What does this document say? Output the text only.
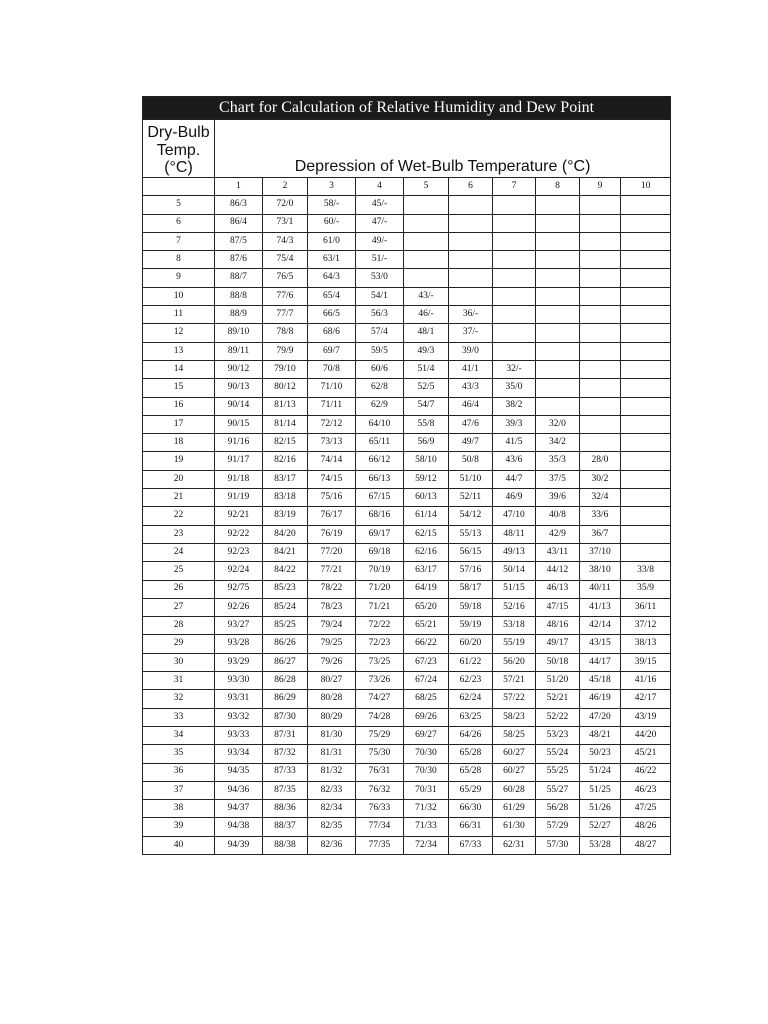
Chart for Calculation of Relative Humidity and Dew Point										

Dry-Bulb
Temp.
(°C)	Depression of Wet-Bulb Temperature (°C)									
	1	2	3	4	5	6	7	8	9	10
5	86/3	72/0	58/-	45/-						
6	86/4	73/1	60/-	47/-						
7	87/5	74/3	61/0	49/-						
8	87/6	75/4	63/1	51/-						
9	88/7	76/5	64/3	53/0						
10	88/8	77/6	65/4	54/1	43/-					
11	88/9	77/7	66/5	56/3	46/-	36/-				
12	89/10	78/8	68/6	57/4	48/1	37/-				
13	89/11	79/9	69/7	59/5	49/3	39/0				
14	90/12	79/10	70/8	60/6	51/4	41/1	32/-			
15	90/13	80/12	71/10	62/8	52/5	43/3	35/0			
16	90/14	81/13	71/11	62/9	54/7	46/4	38/2			
17	90/15	81/14	72/12	64/10	55/8	47/6	39/3	32/0		
18	91/16	82/15	73/13	65/11	56/9	49/7	41/5	34/2		
19	91/17	82/16	74/14	66/12	58/10	50/8	43/6	35/3	28/0	
20	91/18	83/17	74/15	66/13	59/12	51/10	44/7	37/5	30/2	
21	91/19	83/18	75/16	67/15	60/13	52/11	46/9	39/6	32/4	
22	92/21	83/19	76/17	68/16	61/14	54/12	47/10	40/8	33/6	
23	92/22	84/20	76/19	69/17	62/15	55/13	48/11	42/9	36/7	
24	92/23	84/21	77/20	69/18	62/16	56/15	49/13	43/11	37/10	
25	92/24	84/22	77/21	70/19	63/17	57/16	50/14	44/12	38/10	33/8
26	92/75	85/23	78/22	71/20	64/19	58/17	51/15	46/13	40/11	35/9
27	92/26	85/24	78/23	71/21	65/20	59/18	52/16	47/15	41/13	36/11
28	93/27	85/25	79/24	72/22	65/21	59/19	53/18	48/16	42/14	37/12
29	93/28	86/26	79/25	72/23	66/22	60/20	55/19	49/17	43/15	38/13
30	93/29	86/27	79/26	73/25	67/23	61/22	56/20	50/18	44/17	39/15
31	93/30	86/28	80/27	73/26	67/24	62/23	57/21	51/20	45/18	41/16
32	93/31	86/29	80/28	74/27	68/25	62/24	57/22	52/21	46/19	42/17
33	93/32	87/30	80/29	74/28	69/26	63/25	58/23	52/22	47/20	43/19
34	93/33	87/31	81/30	75/29	69/27	64/26	58/25	53/23	48/21	44/20
35	93/34	87/32	81/31	75/30	70/30	65/28	60/27	55/24	50/23	45/21
36	94/35	87/33	81/32	76/31	70/30	65/28	60/27	55/25	51/24	46/22
37	94/36	87/35	82/33	76/32	70/31	65/29	60/28	55/27	51/25	46/23
38	94/37	88/36	82/34	76/33	71/32	66/30	61/29	56/28	51/26	47/25
39	94/38	88/37	82/35	77/34	71/33	66/31	61/30	57/29	52/27	48/26
40	94/39	88/38	82/36	77/35	72/34	67/33	62/31	57/30	53/28	48/27
